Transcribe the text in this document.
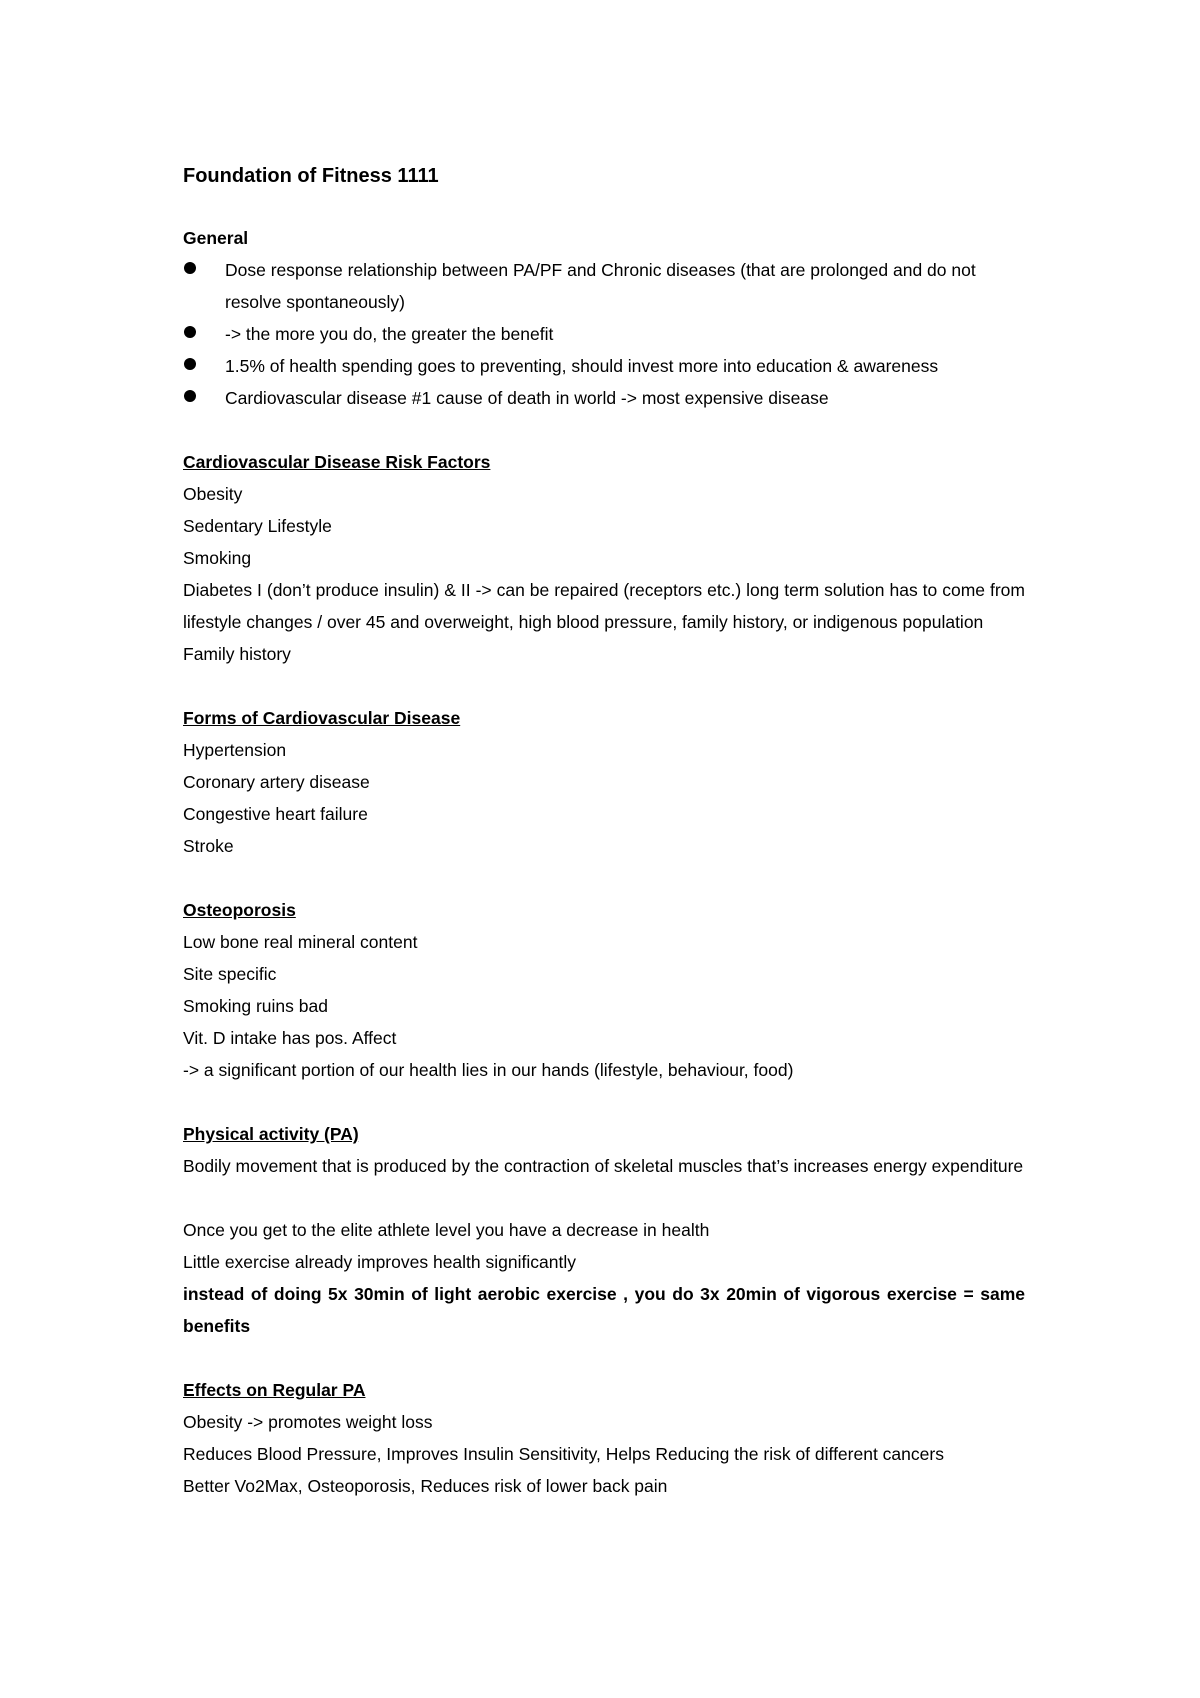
Foundation of Fitness 1111

General

Dose response relationship between PA/PF and Chronic diseases (that are prolonged and do not resolve spontaneously)
-> the more you do, the greater the benefit
1.5% of health spending goes to preventing, should invest more into education & awareness
Cardiovascular disease #1 cause of death in world -> most expensive disease

Cardiovascular Disease Risk Factors

Obesity

Sedentary Lifestyle

Smoking

Diabetes I (don’t produce insulin) & II -> can be repaired (receptors etc.) long term solution has to come from lifestyle changes / over 45 and overweight, high blood pressure, family history, or indigenous population

Family history

Forms of Cardiovascular Disease

Hypertension

Coronary artery disease

Congestive heart failure

Stroke

Osteoporosis

Low bone real mineral content

Site specific

Smoking ruins bad

Vit. D intake has pos. Affect

-> a significant portion of our health lies in our hands (lifestyle, behaviour, food)

Physical activity (PA)

Bodily movement that is produced by the contraction of skeletal muscles that’s increases energy expenditure

Once you get to the elite athlete level you have a decrease in health

Little exercise already improves health significantly

instead of doing 5x 30min of light aerobic exercise , you do 3x 20min of vigorous exercise = same benefits

Effects on Regular PA

Obesity -> promotes weight loss

Reduces Blood Pressure, Improves Insulin Sensitivity, Helps Reducing the risk of different cancers

Better Vo2Max, Osteoporosis, Reduces risk of lower back pain
